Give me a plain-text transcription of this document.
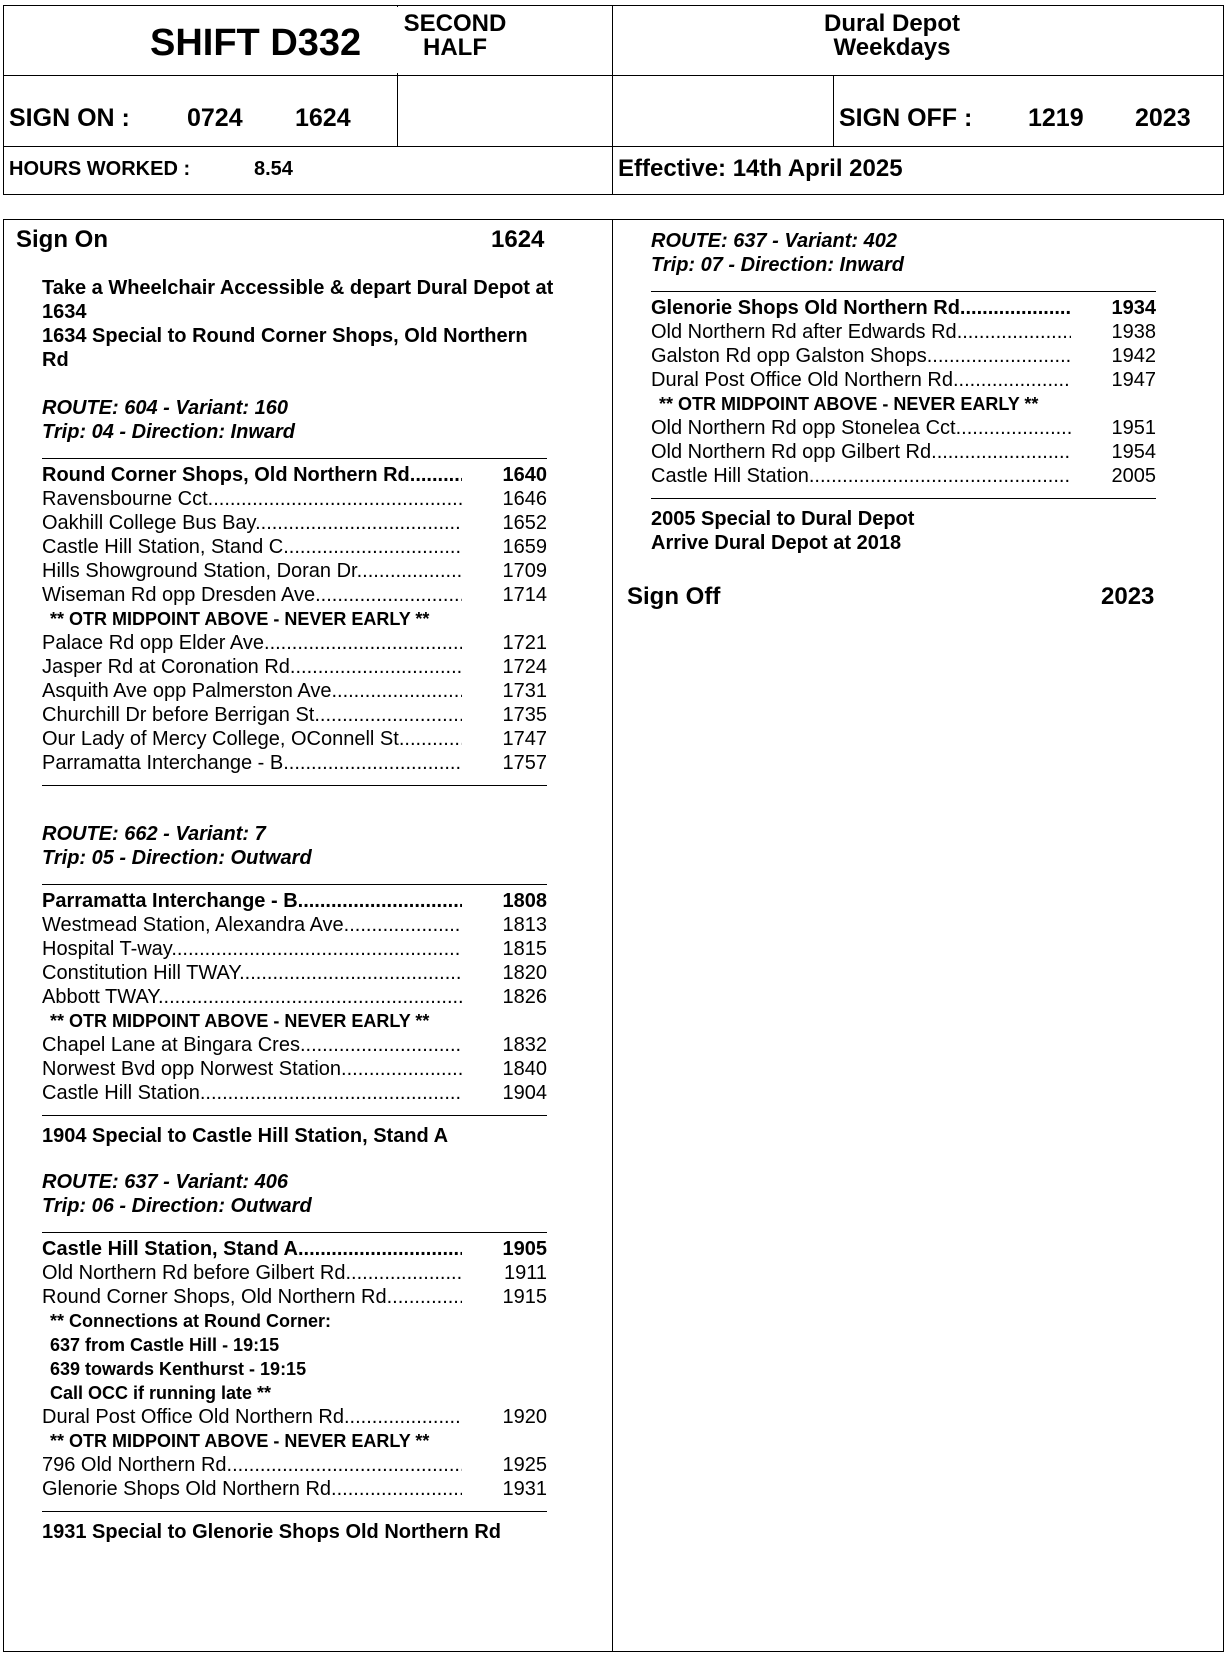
SHIFT D332	SECOND
HALF
Dural Depot
Weekdays
SIGN ON : 0724 1624	SIGN OFF : 1219 2023
HOURS WORKED :	8.54	Effective: 14th April 2025
Sign On	1624
Take a Wheelchair Accessible & depart Dural Depot at
1634
1634 Special to Round Corner Shops, Old Northern
Rd
ROUTE: 604 - Variant: 160
Trip: 04 - Direction: Inward
Round Corner Shops, Old Northern Rd .....	1640
Ravensbourne Cct .....	1646
Oakhill College Bus Bay .....	1652
Castle Hill Station, Stand C .....	1659
Hills Showground Station, Doran Dr .....	1709
Wiseman Rd opp Dresden Ave .....	1714
** OTR MIDPOINT ABOVE - NEVER EARLY **
Palace Rd opp Elder Ave .....	1721
Jasper Rd at Coronation Rd .....	1724
Asquith Ave opp Palmerston Ave .....	1731
Churchill Dr before Berrigan St .....	1735
Our Lady of Mercy College, OConnell St .....	1747
Parramatta Interchange - B .....	1757
ROUTE: 662 - Variant: 7
Trip: 05 - Direction: Outward
Parramatta Interchange - B .....	1808
Westmead Station, Alexandra Ave .....	1813
Hospital T-way .....	1815
Constitution Hill TWAY .....	1820
Abbott TWAY .....	1826
** OTR MIDPOINT ABOVE - NEVER EARLY **
Chapel Lane at Bingara Cres .....	1832
Norwest Bvd opp Norwest Station .....	1840
Castle Hill Station .....	1904
1904 Special to Castle Hill Station, Stand A
ROUTE: 637 - Variant: 406
Trip: 06 - Direction: Outward
Castle Hill Station, Stand A .....	1905
Old Northern Rd before Gilbert Rd .....	1911
Round Corner Shops, Old Northern Rd .....	1915
** Connections at Round Corner:
637 from Castle Hill - 19:15
639 towards Kenthurst - 19:15
Call OCC if running late **
Dural Post Office Old Northern Rd .....	1920
** OTR MIDPOINT ABOVE - NEVER EARLY **
796 Old Northern Rd .....	1925
Glenorie Shops Old Northern Rd .....	1931
1931 Special to Glenorie Shops Old Northern Rd
ROUTE: 637 - Variant: 402
Trip: 07 - Direction: Inward
Glenorie Shops Old Northern Rd .....	1934
Old Northern Rd after Edwards Rd .....	1938
Galston Rd opp Galston Shops .....	1942
Dural Post Office Old Northern Rd .....	1947
** OTR MIDPOINT ABOVE - NEVER EARLY **
Old Northern Rd opp Stonelea Cct .....	1951
Old Northern Rd opp Gilbert Rd .....	1954
Castle Hill Station .....	2005
2005 Special to Dural Depot
Arrive Dural Depot at 2018
Sign Off	2023
